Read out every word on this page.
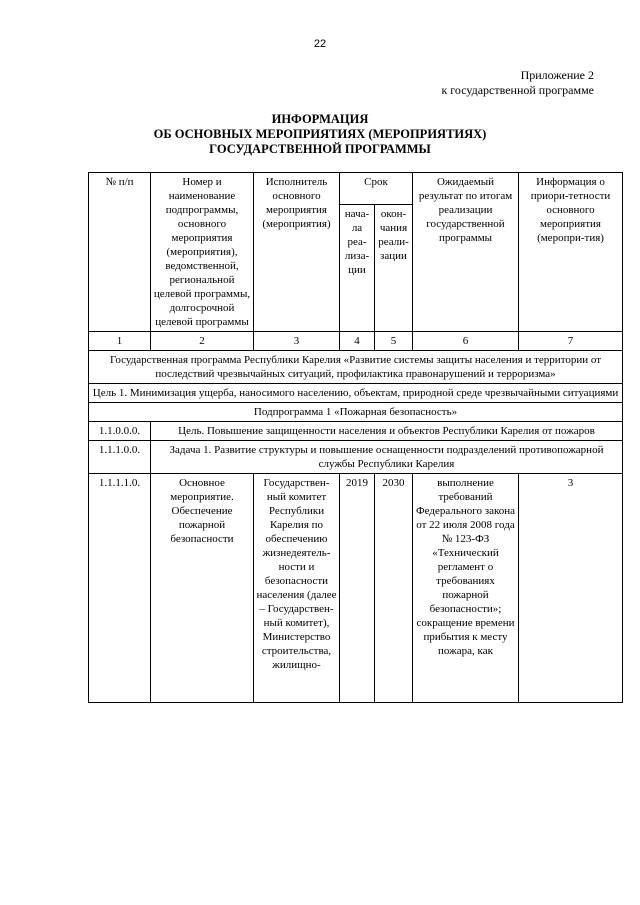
22
Приложение 2
к государственной программе
ИНФОРМАЦИЯ
ОБ ОСНОВНЫХ МЕРОПРИЯТИЯХ (МЕРОПРИЯТИЯХ)
ГОСУДАРСТВЕННОЙ ПРОГРАММЫ
№ п/п	Номер и наименование подпрограммы, основного мероприятия (мероприятия), ведомственной, региональной целевой программы, долгосрочной целевой программы	Исполнитель основного мероприятия (мероприятия)	Срок		Ожидаемый результат по итогам реализации государственной программы	Информация о приори-тетности основного мероприятия (меропри-тия)
			нача-ла реа-лиза-ции	окон-чания реали-зации		
1	2	3	4	5	6	7
Государственная программа Республики Карелия «Развитие системы защиты населения и территории от последствий чрезвычайных ситуаций, профилактика правонарушений и терроризма»						
Цель 1. Минимизация ущерба, наносимого населению, объектам, природной среде чрезвычайными ситуациями						
Подпрограмма 1 «Пожарная безопасность»						
1.1.0.0.0.	Цель. Повышение защищенности населения и объектов Республики Карелия от пожаров					
1.1.1.0.0.	Задача 1. Развитие структуры и повышение оснащенности подразделений противопожарной службы Республики Карелия					
1.1.1.1.0.	Основное мероприятие. Обеспечение пожарной безопасности	Государствен-ный комитет Республики Карелия по обеспечению жизнедеятель-ности и безопасности населения (далее – Государствен-ный комитет), Министерство строительства, жилищно-	2019	2030	выполнение требований Федерального закона от 22 июля 2008 года № 123-ФЗ «Технический регламент о требованиях пожарной безопасности»; сокращение времени прибытия к месту пожара, как	3
